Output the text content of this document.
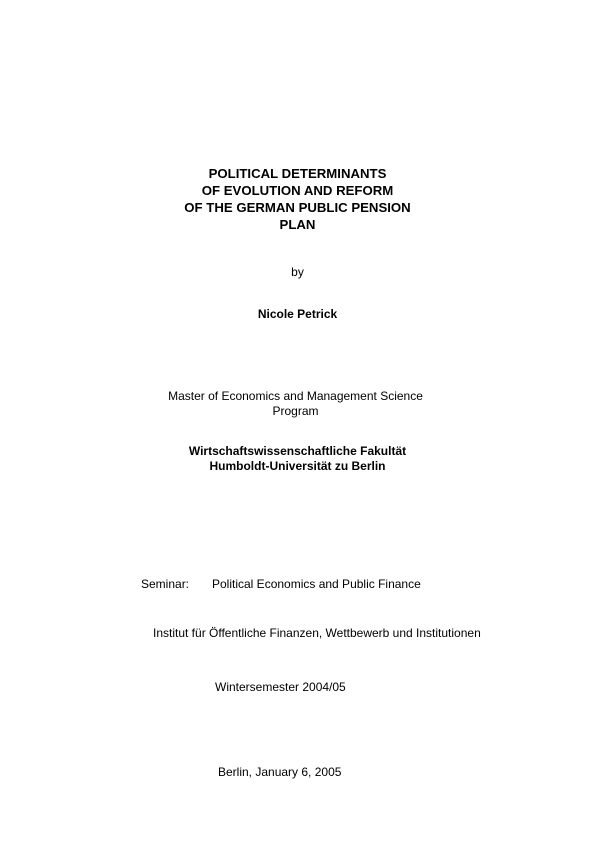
POLITICAL DETERMINANTS
OF EVOLUTION AND REFORM
OF THE GERMAN PUBLIC PENSION
PLAN
by
Nicole Petrick
Master of Economics and Management Science
Program
Wirtschaftswissenschaftliche Fakultät
Humboldt-Universität zu Berlin
Seminar: Political Economics and Public Finance
Institut für Öffentliche Finanzen, Wettbewerb und Institutionen
Wintersemester 2004/05
Berlin, January 6, 2005
